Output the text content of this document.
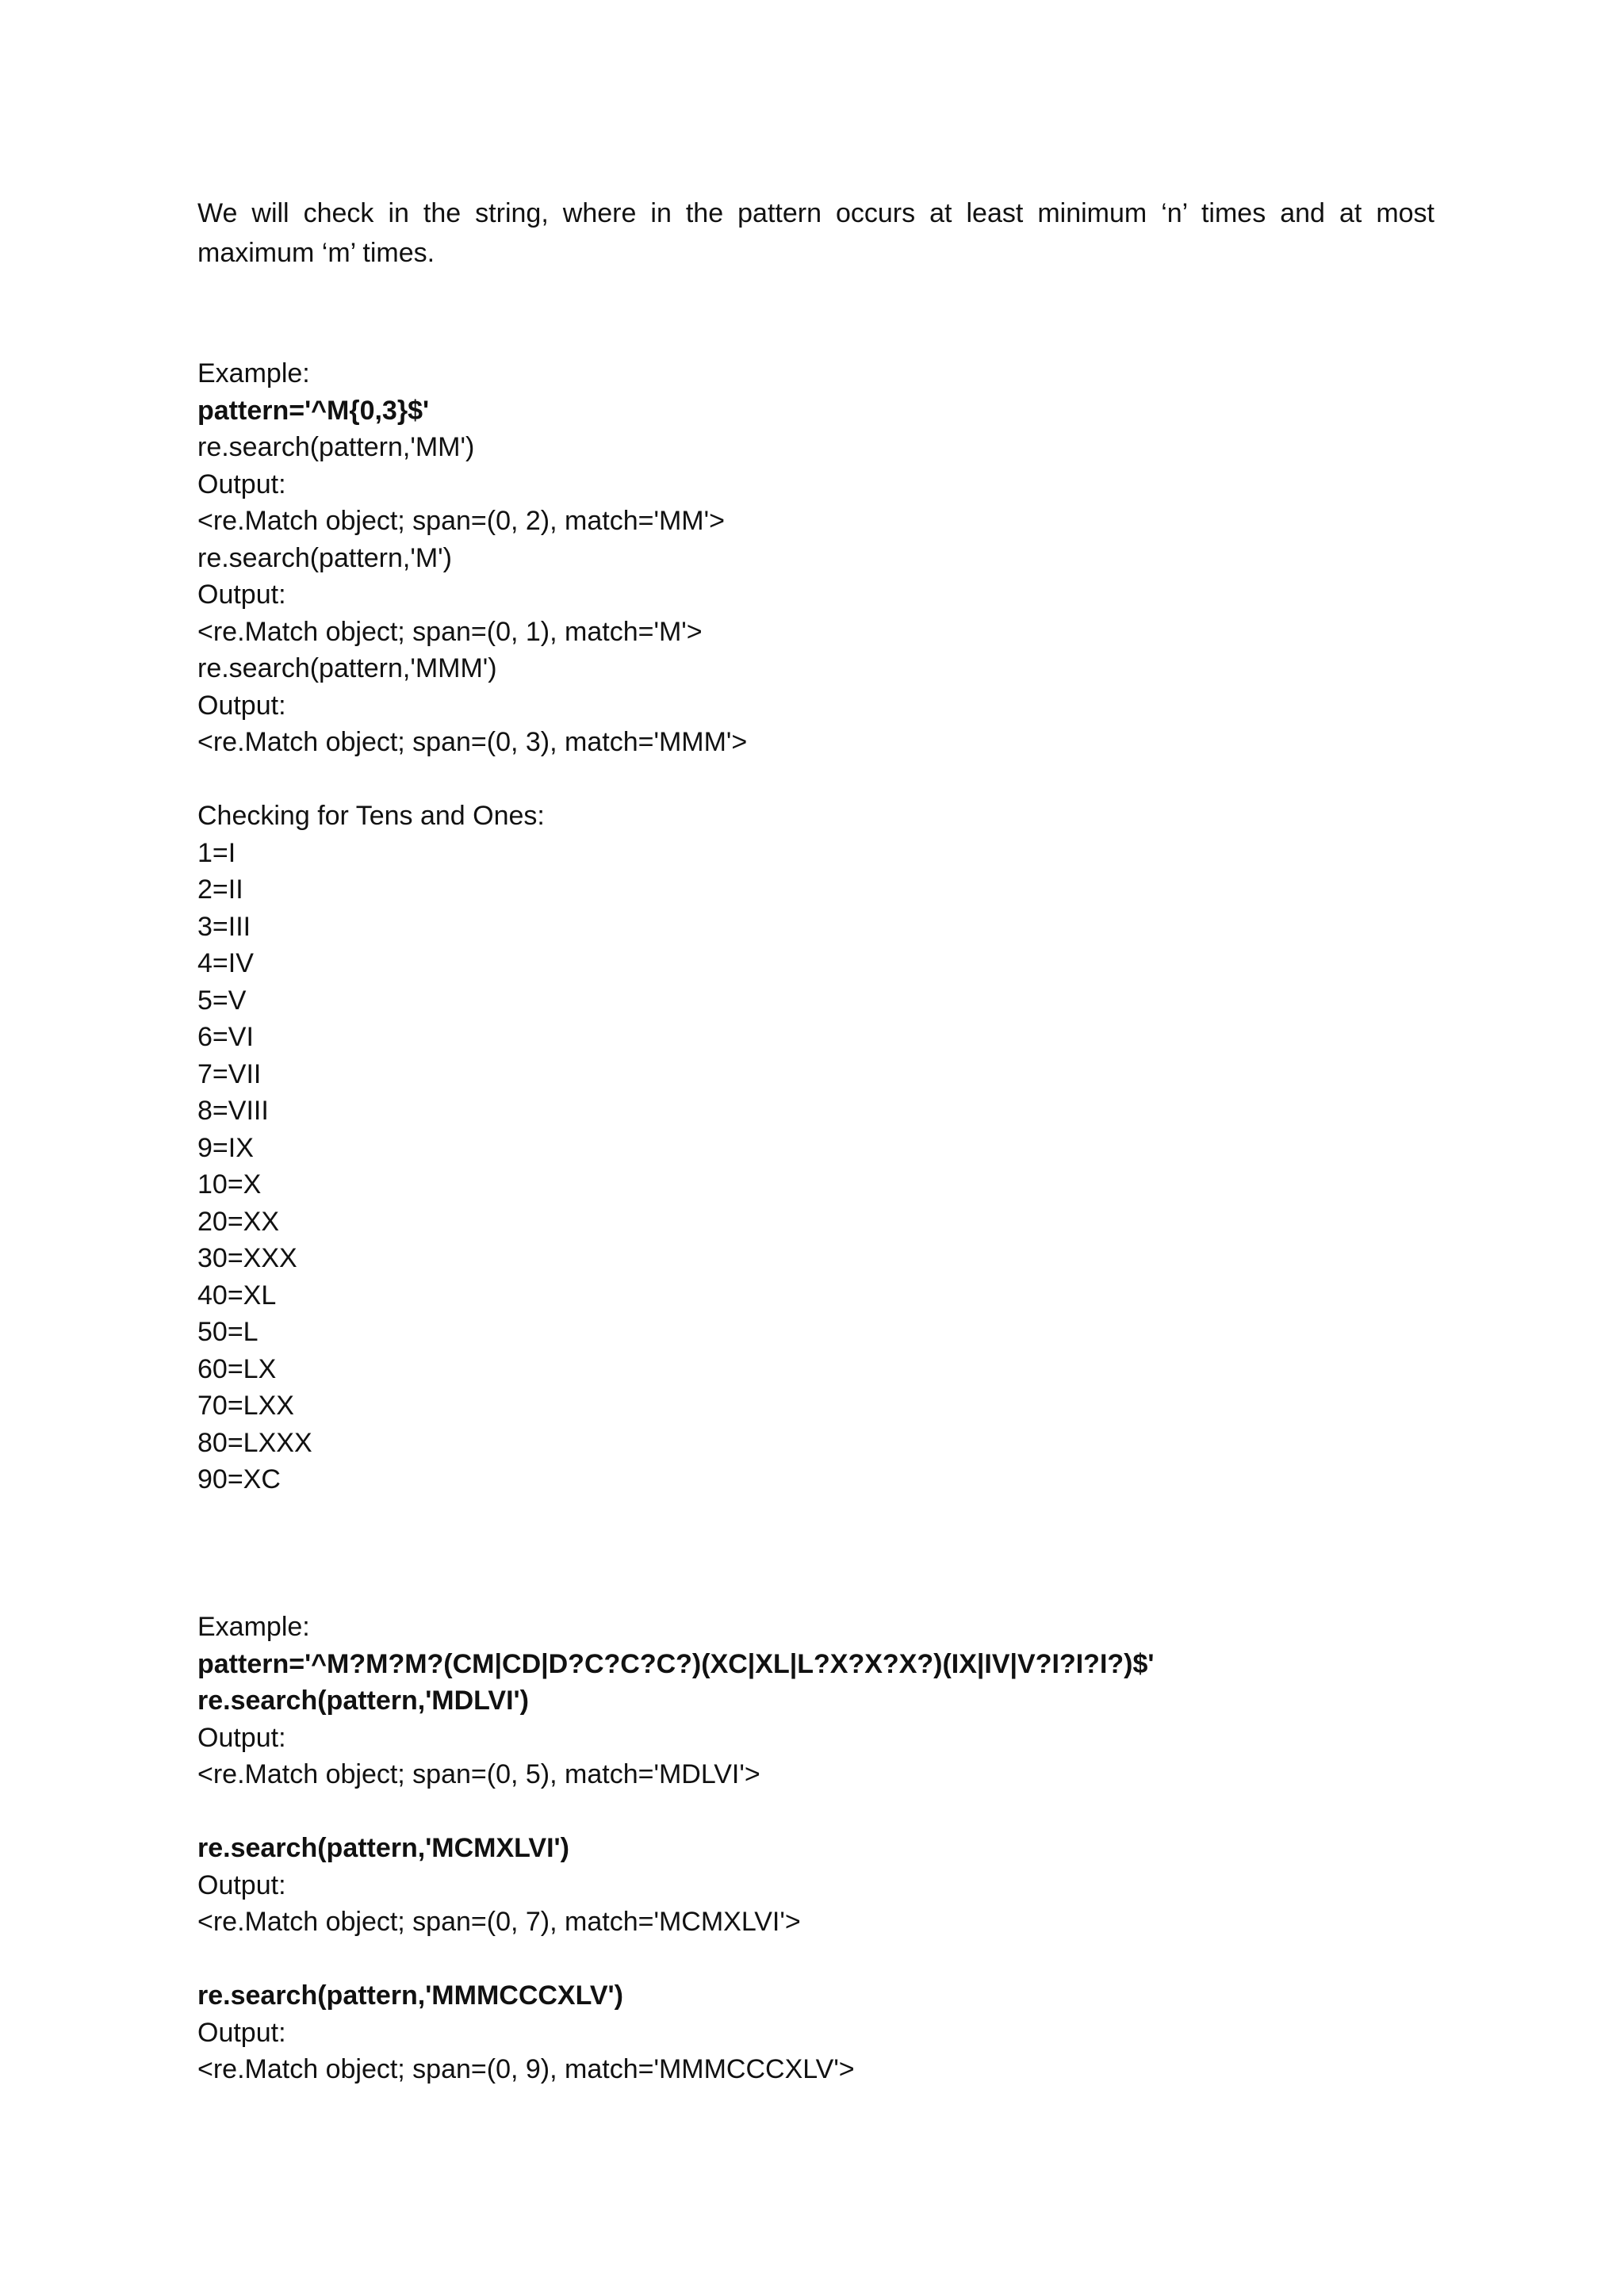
We will check in the string, where in the pattern occurs at least minimum ‘n’ times and at most maximum ‘m’ times.

Example:
pattern='^M{0,3}$'
re.search(pattern,'MM')
Output:
<re.Match object; span=(0, 2), match='MM'>
re.search(pattern,'M')
Output:
<re.Match object; span=(0, 1), match='M'>
re.search(pattern,'MMM')
Output:
<re.Match object; span=(0, 3), match='MMM'>
Checking for Tens and Ones:
1=I
2=II
3=III
4=IV
5=V
6=VI
7=VII
8=VIII
9=IX
10=X
20=XX
30=XXX
40=XL
50=L
60=LX
70=LXX
80=LXXX
90=XC
Example:
pattern='^M?M?M?(CM|CD|D?C?C?C?)(XC|XL|L?X?X?X?)(IX|IV|V?I?I?I?)$'
re.search(pattern,'MDLVI')
Output:
<re.Match object; span=(0, 5), match='MDLVI'>
re.search(pattern,'MCMXLVI')
Output:
<re.Match object; span=(0, 7), match='MCMXLVI'>
re.search(pattern,'MMMCCCXLV')
Output:
<re.Match object; span=(0, 9), match='MMMCCCXLV'>
